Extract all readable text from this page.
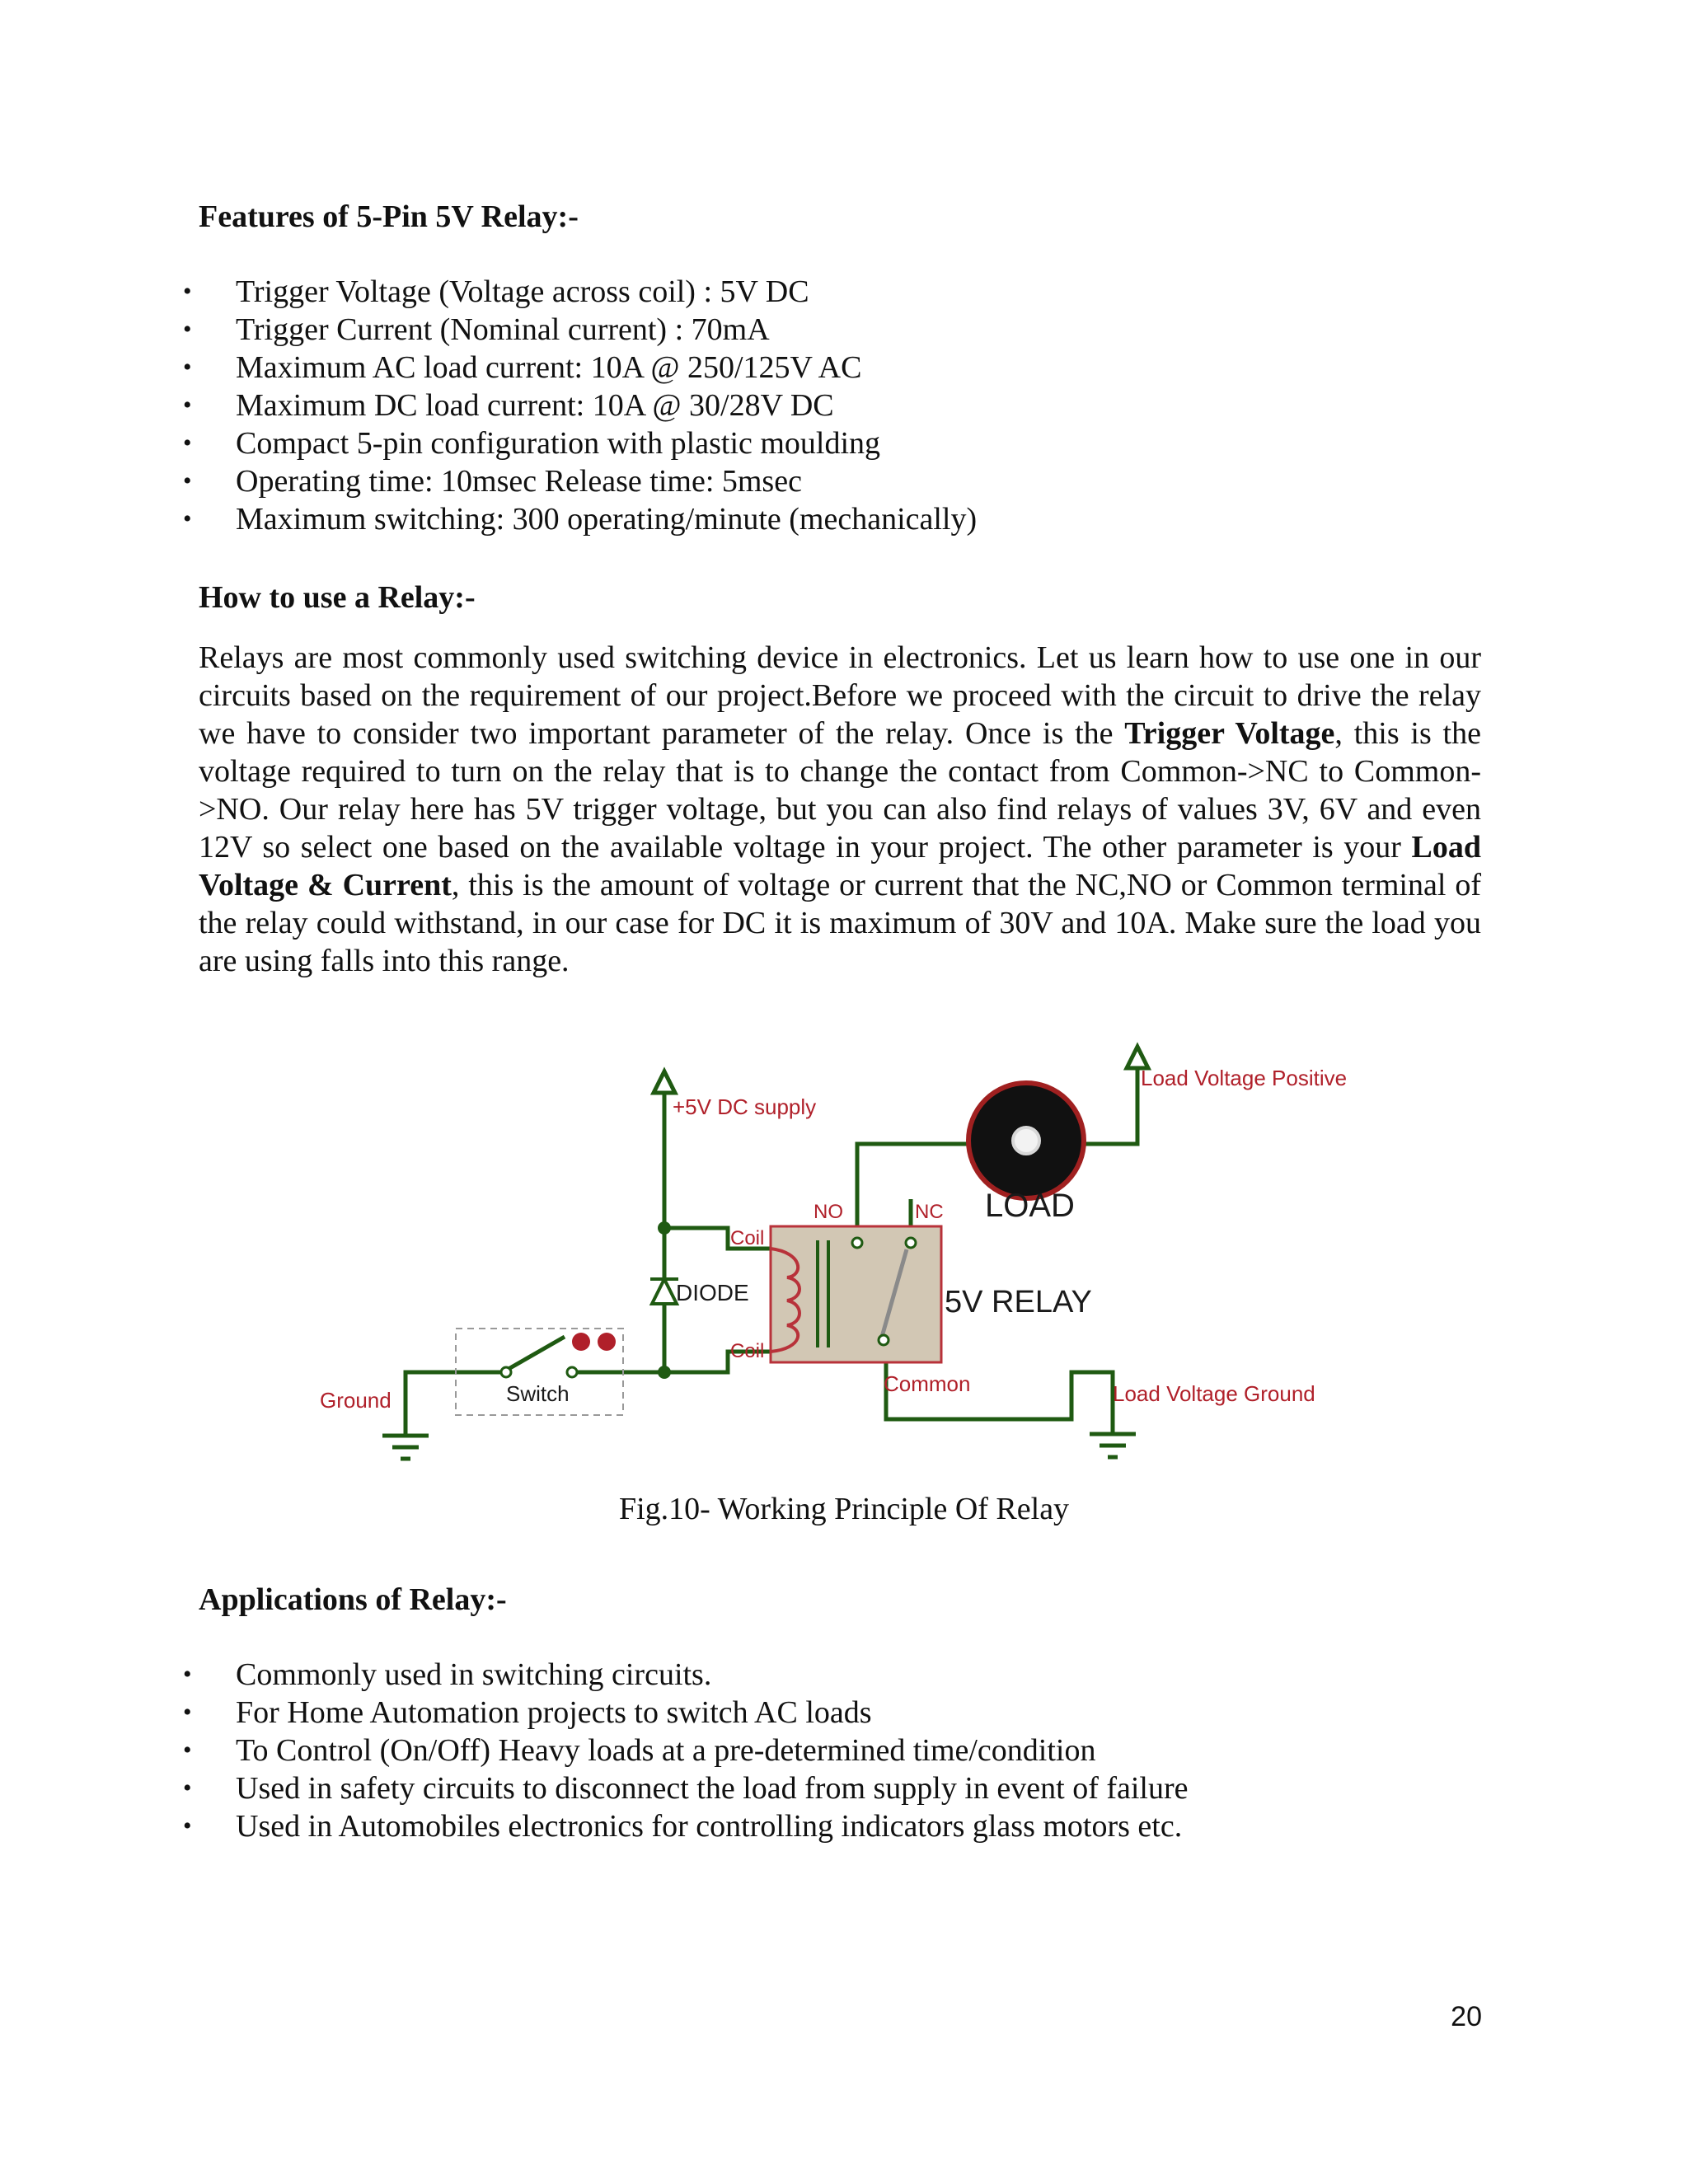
Features of 5-Pin 5V Relay:-
• Trigger Voltage (Voltage across coil) : 5V DC
• Trigger Current (Nominal current) : 70mA
• Maximum AC load current: 10A @ 250/125V AC
• Maximum DC load current: 10A @ 30/28V DC
• Compact 5-pin configuration with plastic moulding
• Operating time: 10msec Release time: 5msec
• Maximum switching: 300 operating/minute (mechanically)
How to use a Relay:-

Relays are most commonly used switching device in electronics. Let us learn how to use one in our circuits based on the requirement of our project.Before we proceed with the circuit to drive the relay we have to consider two important parameter of the relay. Once is the Trigger Voltage, this is the voltage required to turn on the relay that is to change the contact from Common->NC to Common->NO. Our relay here has 5V trigger voltage, but you can also find relays of values 3V, 6V and even 12V so select one based on the available voltage in your project. The other parameter is your Load Voltage & Current, this is the amount of voltage or current that the NC,NO or Common terminal of the relay could withstand, in our case for DC it is maximum of 30V and 10A. Make sure the load you are using falls into this range.

+5V DC supply
Load Voltage Positive
LOAD
NO	NC
Coil
Coil
DIODE	5V RELAY
Switch
Ground
Common	Load Voltage Ground

Fig.10- Working Principle Of Relay

Applications of Relay:-
• Commonly used in switching circuits.
• For Home Automation projects to switch AC loads
• To Control (On/Off) Heavy loads at a pre-determined time/condition
• Used in safety circuits to disconnect the load from supply in event of failure
• Used in Automobiles electronics for controlling indicators glass motors etc.
20
